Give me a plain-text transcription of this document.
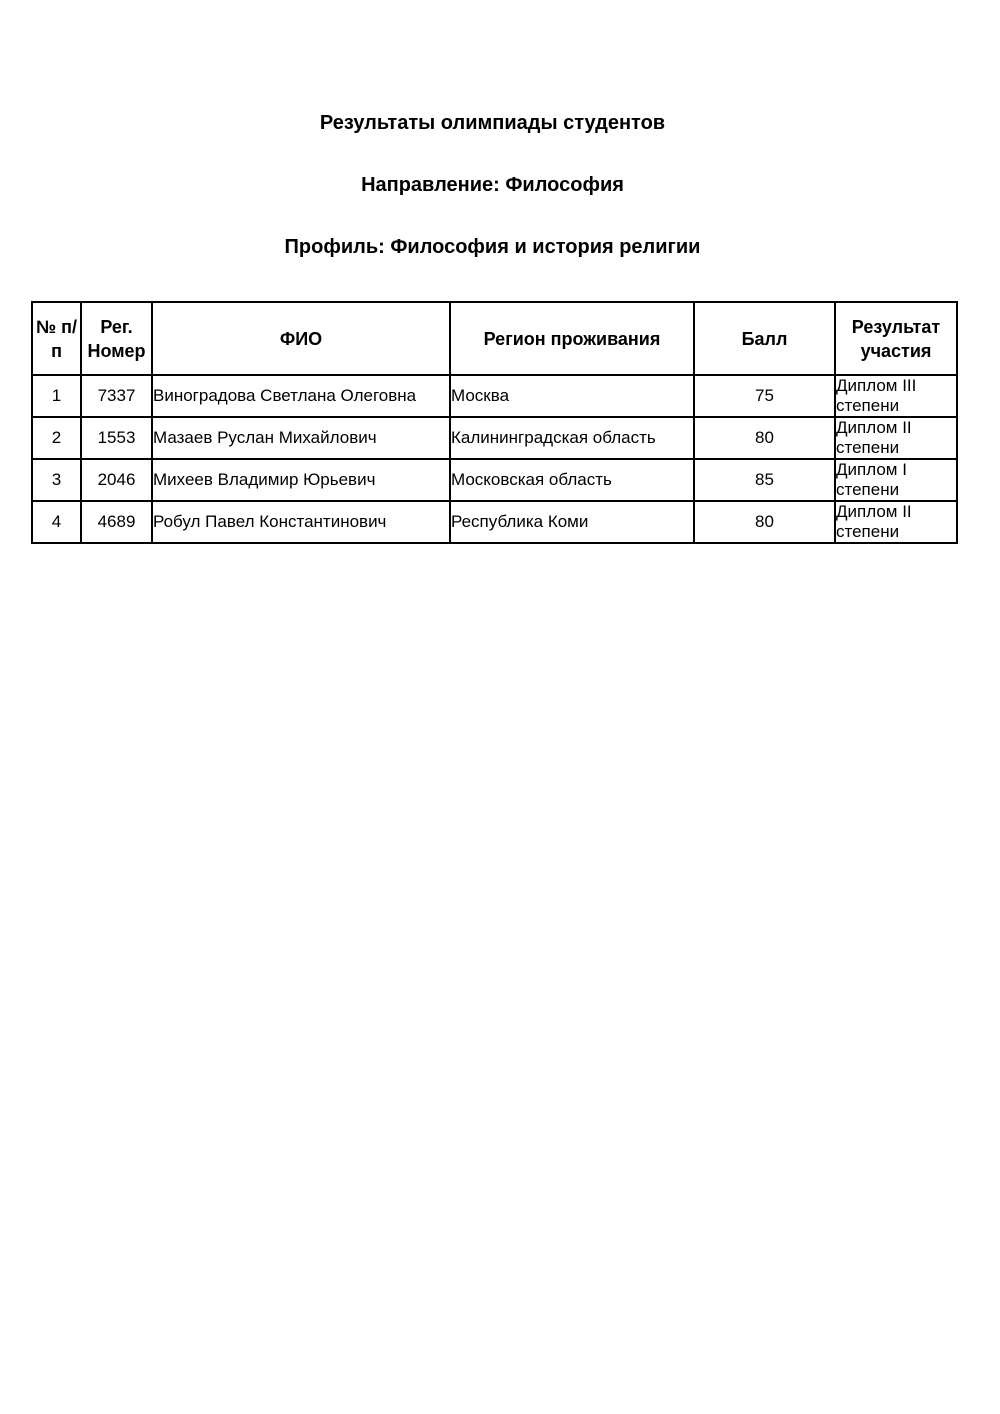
Результаты олимпиады студентов
Направление: Философия
Профиль: Философия и история религии
№ п/п	Рег. Номер	ФИО	Регион проживания	Балл	Результат участия
1	7337	Виноградова Светлана Олеговна	Москва	75	Диплом III степени
2	1553	Мазаев Руслан Михайлович	Калининградская область	80	Диплом II степени
3	2046	Михеев Владимир Юрьевич	Московская область	85	Диплом I степени
4	4689	Робул Павел Константинович	Республика Коми	80	Диплом II степени
